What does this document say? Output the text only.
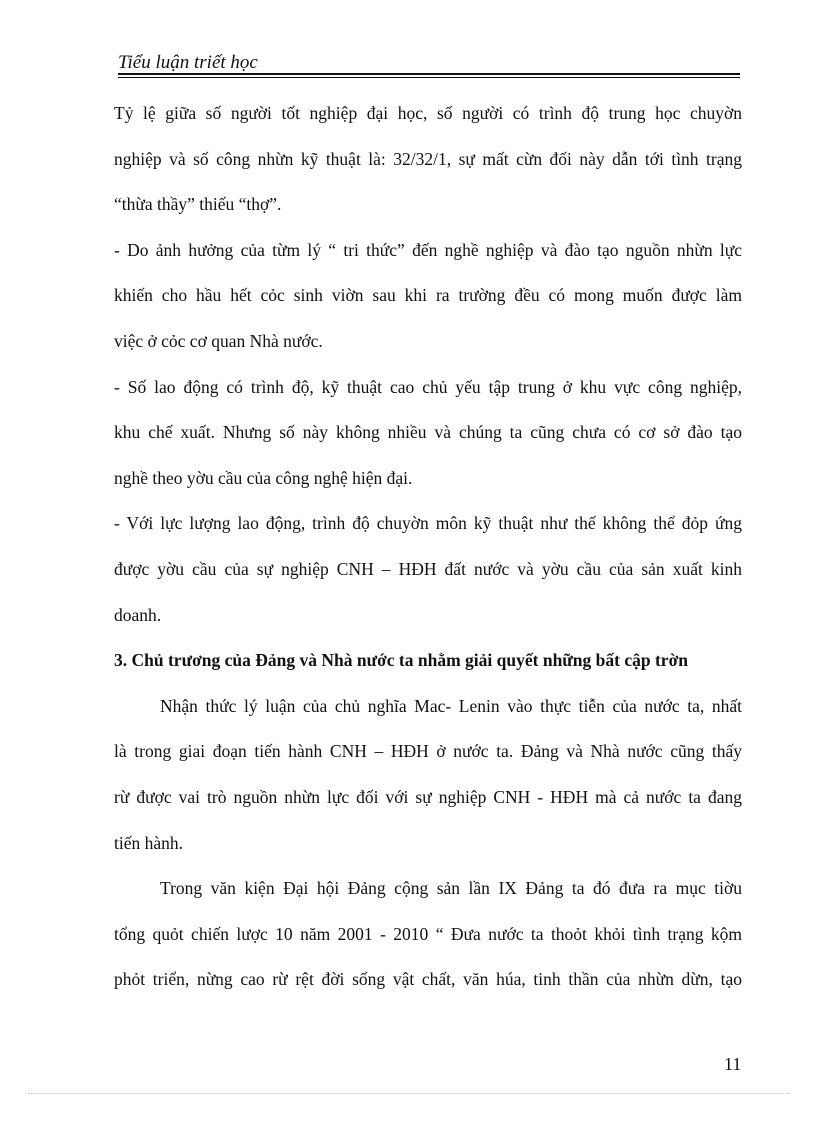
Tiểu luận triết học
Tỷ lệ giữa số người tốt nghiệp đại học, số người có trình độ trung học chuyờn
nghiệp và số công nhừn kỹ thuật là: 32/32/1, sự mất cừn đối này dẫn tới tình trạng
“thừa thầy” thiếu “thợ”.
- Do ảnh hưởng của từm lý “ tri thức” đến nghề nghiệp và đào tạo nguồn nhừn lực
khiến cho hầu hết cỏc sinh viờn sau khi ra trường đều có mong muốn được làm
việc ở cỏc cơ quan Nhà nước.
- Số lao động có trình độ, kỹ thuật cao chủ yếu tập trung ở khu vực công nghiệp,
khu chế xuất. Nhưng số này không nhiều và chúng ta cũng chưa có cơ sở đào tạo
nghề theo yờu cầu của công nghệ hiện đại.
- Với lực lượng lao động, trình độ chuyờn môn kỹ thuật như thế không thể đỏp ứng
được yờu cầu của sự nghiệp CNH – HĐH đất nước và yờu cầu của sản xuất kinh
doanh.
3. Chủ trương của Đảng và Nhà nước ta nhằm giải quyết những bất cập trờn
Nhận thức lý luận của chủ nghĩa Mac- Lenin vào thực tiễn của nước ta, nhất
là trong giai đoạn tiến hành CNH – HĐH ở nước ta. Đảng và Nhà nước cũng thấy
rừ được vai trò nguồn nhừn lực đối với sự nghiệp CNH - HĐH mà cả nước ta đang
tiến hành.
Trong văn kiện Đại hội Đảng cộng sản lần IX Đảng ta đó đưa ra mục tiờu
tổng quỏt chiến lược 10 năm 2001 - 2010 “ Đưa nước ta thoỏt khỏi tình trạng kộm
phỏt triển, nừng cao rừ rệt đời sống vật chất, văn húa, tinh thần của nhừn dừn, tạo
11
